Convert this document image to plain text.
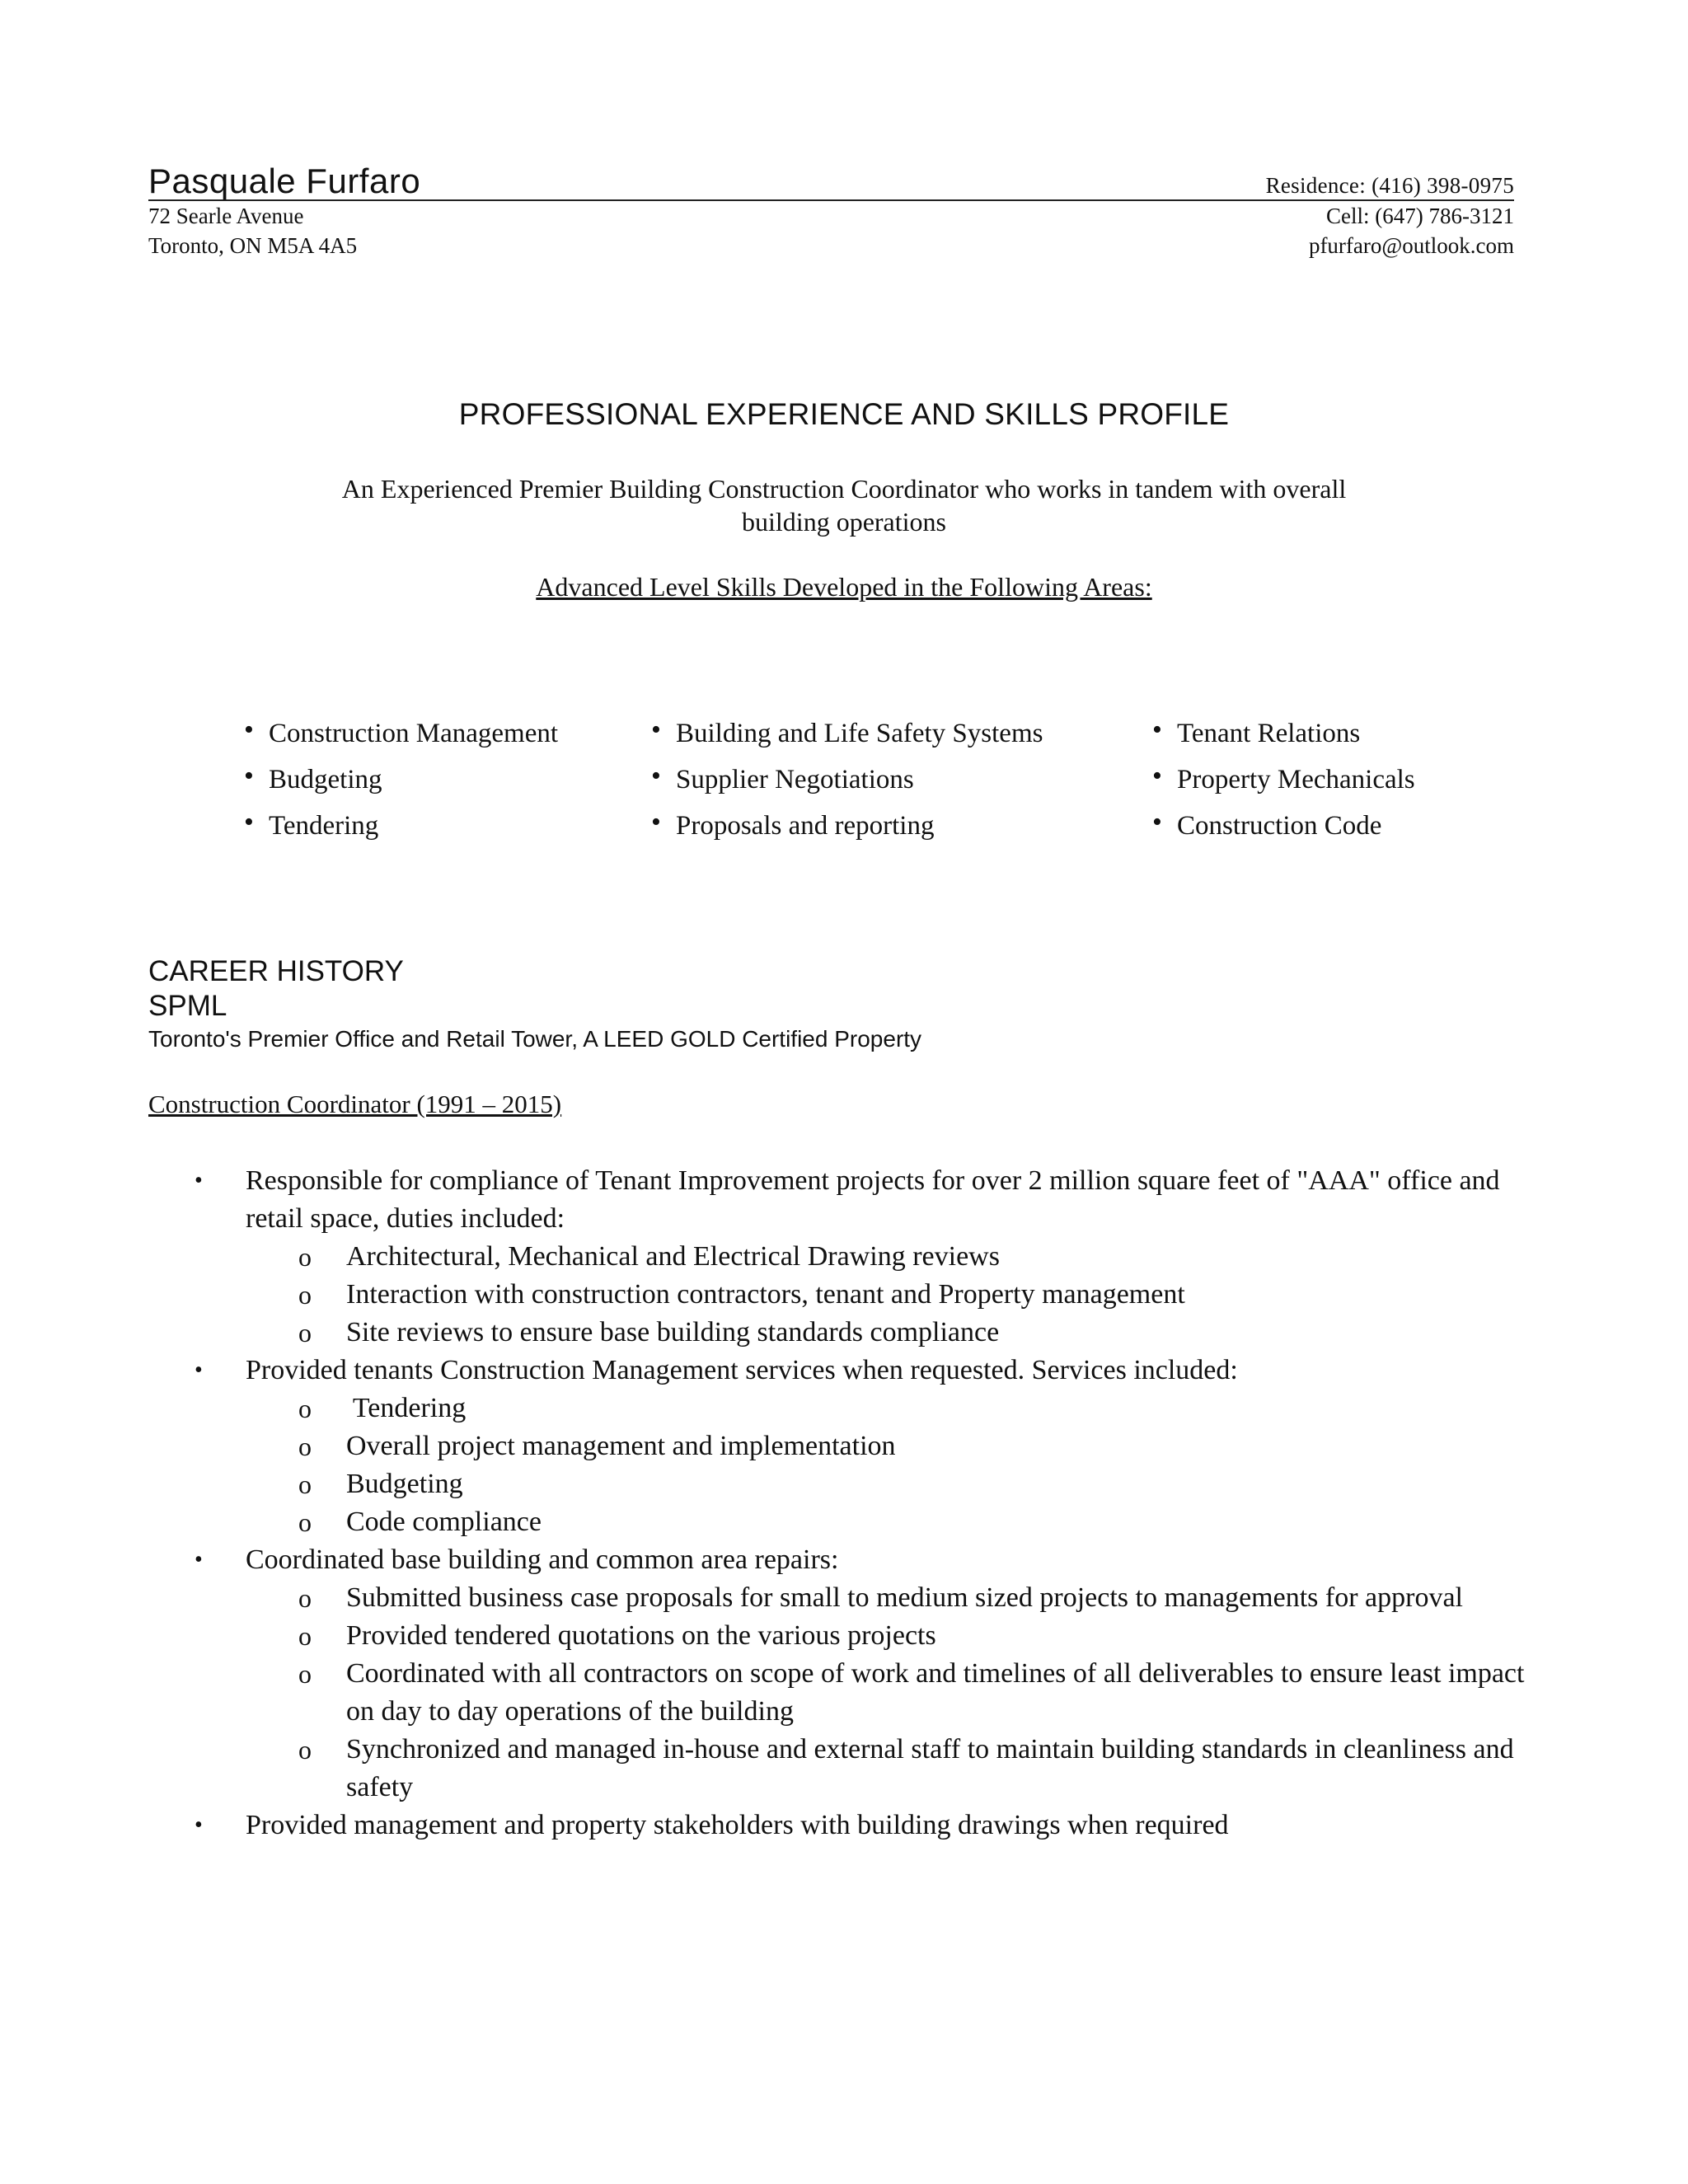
Pasquale Furfaro	Residence: (416) 398-0975
72 Searle Avenue	Cell: (647) 786-3121
Toronto, ON M5A 4A5	pfurfaro@outlook.com
PROFESSIONAL EXPERIENCE AND SKILLS PROFILE
An Experienced Premier Building Construction Coordinator who works in tandem with overall
building operations
Advanced Level Skills Developed in the Following Areas:
• Construction Management
• Budgeting
• Tendering
• Building and Life Safety Systems
• Supplier Negotiations
• Proposals and reporting
• Tenant Relations
• Property Mechanicals
• Construction Code
CAREER HISTORY
SPML
Toronto's Premier Office and Retail Tower, A LEED GOLD Certified Property
Construction Coordinator (1991 – 2015)
• Responsible for compliance of Tenant Improvement projects for over 2 million square feet of "AAA" office and retail space, duties included:
o Architectural, Mechanical and Electrical Drawing reviews
o Interaction with construction contractors, tenant and Property management
o Site reviews to ensure base building standards compliance
• Provided tenants Construction Management services when requested. Services included:
o Tendering
o Overall project management and implementation
o Budgeting
o Code compliance
• Coordinated base building and common area repairs:
o Submitted business case proposals for small to medium sized projects to managements for approval
o Provided tendered quotations on the various projects
o Coordinated with all contractors on scope of work and timelines of all deliverables to ensure least impact on day to day operations of the building
o Synchronized and managed in-house and external staff to maintain building standards in cleanliness and safety
• Provided management and property stakeholders with building drawings when required
